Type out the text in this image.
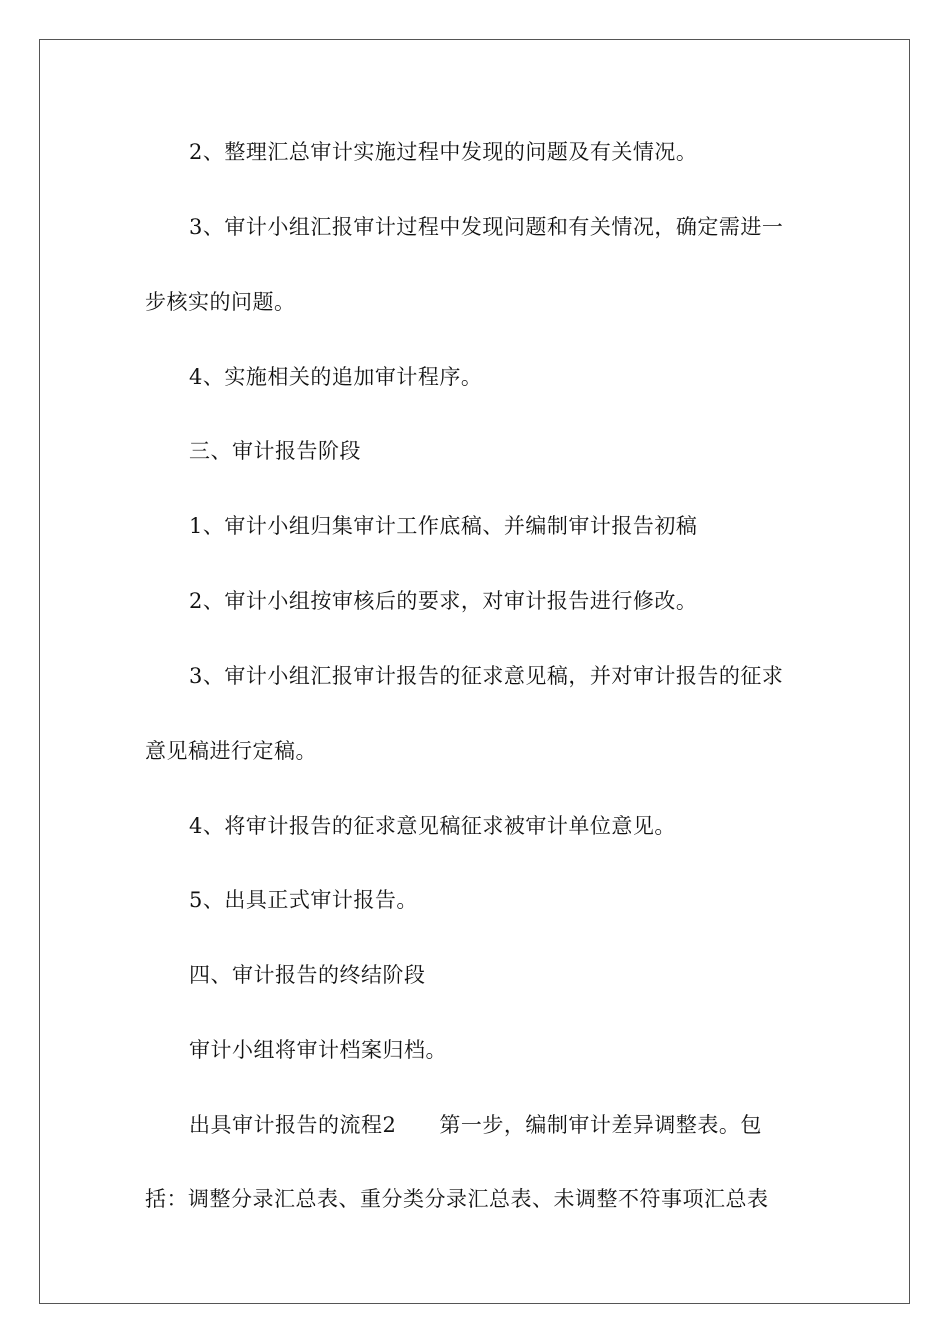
2、整理汇总审计实施过程中发现的问题及有关情况。
3、审计小组汇报审计过程中发现问题和有关情况，确定需进一
步核实的问题。
4、实施相关的追加审计程序。
三、审计报告阶段
1、审计小组归集审计工作底稿、并编制审计报告初稿
2、审计小组按审核后的要求，对审计报告进行修改。
3、审计小组汇报审计报告的征求意见稿，并对审计报告的征求
意见稿进行定稿。
4、将审计报告的征求意见稿征求被审计单位意见。
5、出具正式审计报告。
四、审计报告的终结阶段
审计小组将审计档案归档。
出具审计报告的流程2　　第一步，编制审计差异调整表。包
括：调整分录汇总表、重分类分录汇总表、未调整不符事项汇总表
